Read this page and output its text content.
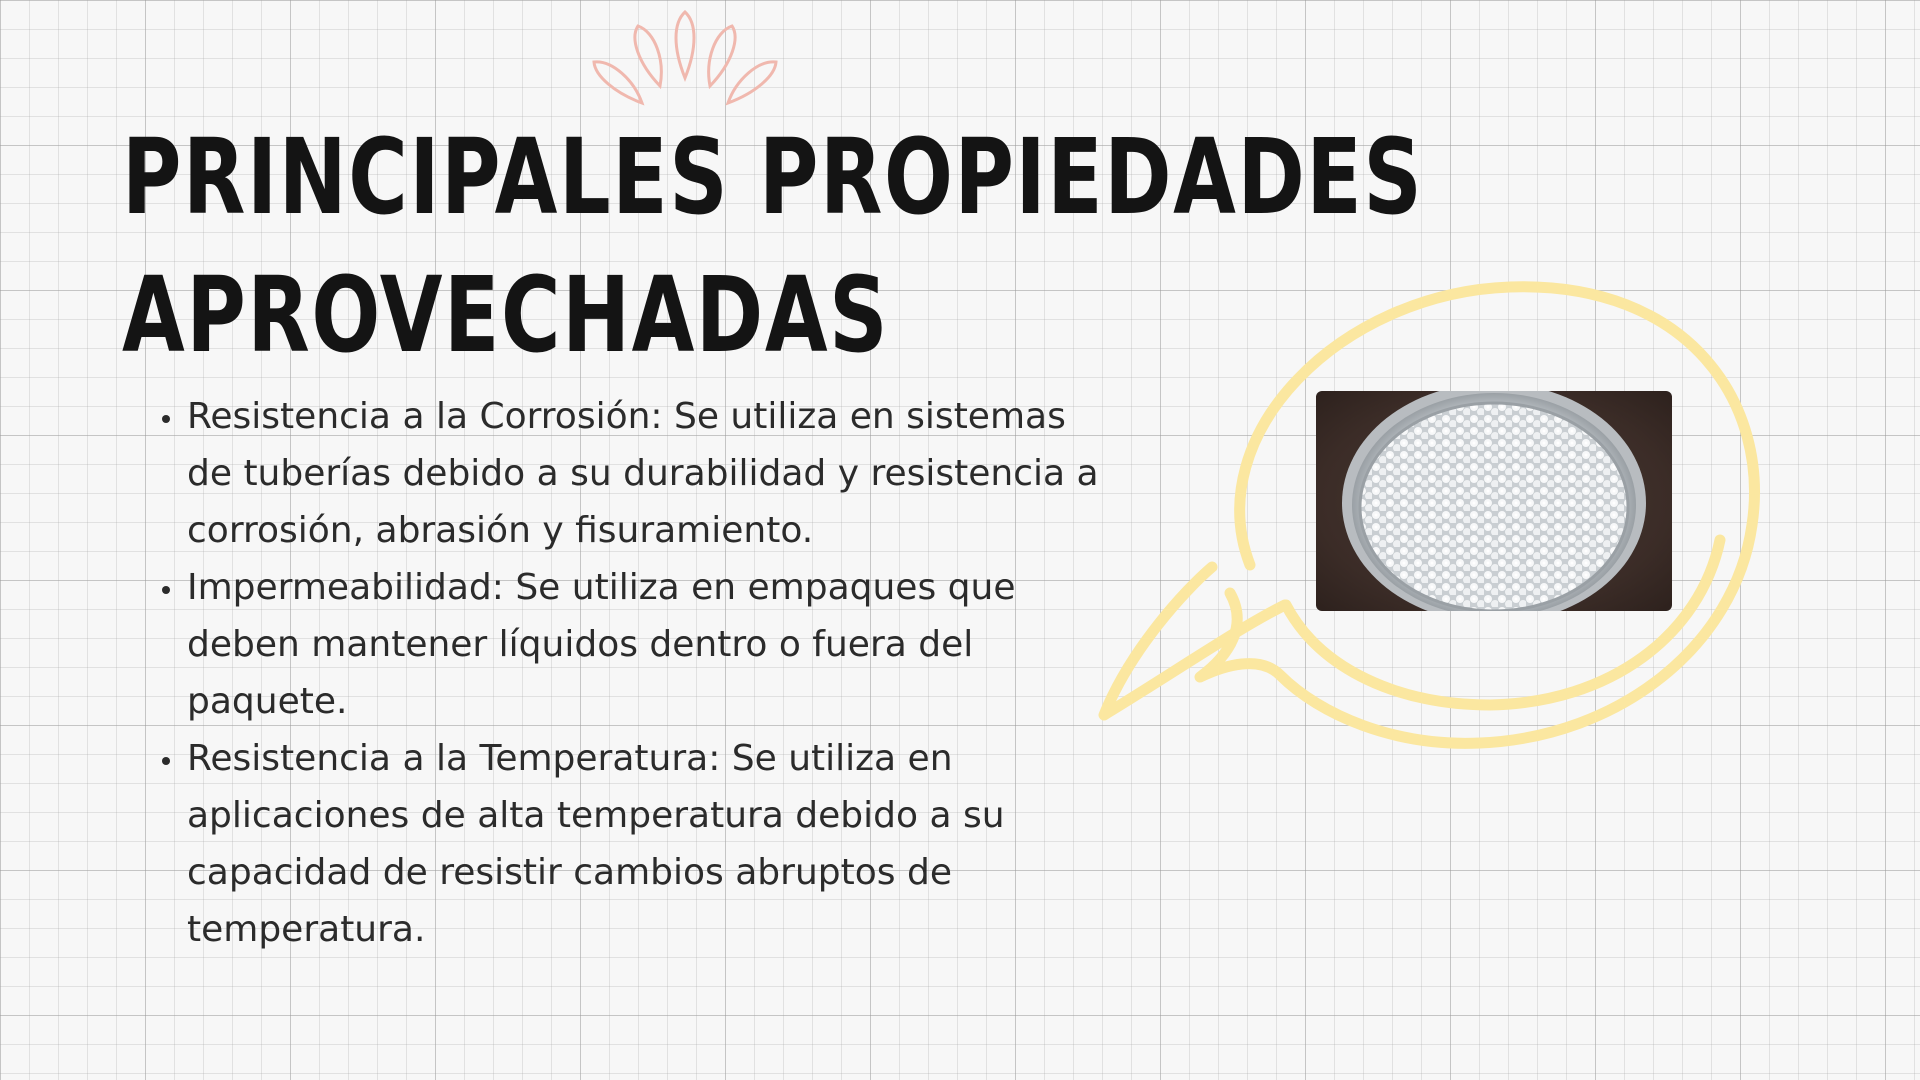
PRINCIPALES PROPIEDADES
APROVECHADAS
Resistencia a la Corrosión: Se utiliza en sistemas de tuberías debido a su durabilidad y resistencia a corrosión, abrasión y fisuramiento.
Impermeabilidad: Se utiliza en empaques que deben mantener líquidos dentro o fuera del paquete.
Resistencia a la Temperatura: Se utiliza en aplicaciones de alta temperatura debido a su capacidad de resistir cambios abruptos de temperatura.
